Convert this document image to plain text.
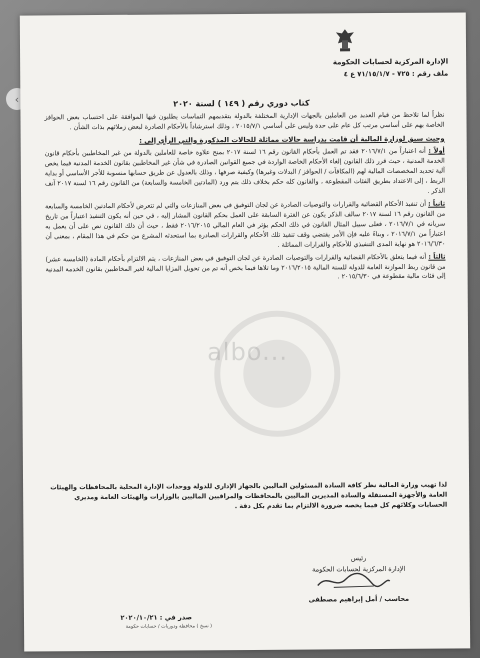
‹
الإدارة المركزية لحسابات الحكومة
ملف رقم : ٧٢٥ - ٧١/١٥/١/٧ ع ٤
كتاب دوري رقم ( ١٤٩ ) لسنة ٢٠٢٠

نظراً لما تلاحظ من قيام العديد من العاملين بالجهات الإدارية المختلفة بالدولة بتقديمهم التماسات يطلبون فيها الموافقة على احتساب بعض الحوافز الخاصة بهم على أساسي مرتب كل عام على حدة وليس على أساسي ٢٠١٥/٧/١ ، وذلك استرشاداً بالأحكام الصادرة لبعض زملائهم بذات الشأن .

وحيث سبق لوزارة المالية أن قامت بدراسة حالات مماثلة للحالات المذكورة والتي الرأي إلى :

أولاً : أنه اعتباراً من ٢٠١٦/٧/١ فقد تم العمل بأحكام القانون رقم ١٦ لسنة ٢٠١٧ بمنح علاوة خاصة للعاملين بالدولة من غير المخاطبين بأحكام قانون الخدمة المدنية ، حيث قرر ذلك القانون إلغاء الأحكام الخاصة الواردة في جميع القوانين الصادرة في شأن غير المخاطبين بقانون الخدمة المدنية فيما يخص آلية تحديد المخصصات المالية لهم (المكافآت / الحوافز / البدلات وغيرها) وكيفية صرفها ، وذلك بالعدول عن طريق حسابها منسوبة للأجر الأساسي أو بداية الربط ، إلى الاعتداد بطريق الفئات المقطوعة ، والقانون كله حكم بخلاف ذلك يتم ورد (المادتين الخامسة والسابعة) من القانون رقم ١٦ لسنة ٢٠١٧ آنف الذكر .

ثانياً : أن تنفيذ الأحكام القضائية والقرارات والتوصيات الصادرة عن لجان التوفيق في بعض المنازعات والتي لم تتعرض لأحكام المادتين الخامسة والسابعة من القانون رقم ١٦ لسنة ٢٠١٧ سالف الذكر يكون عن الفترة السابقة على العمل بحكم القانون المشار إليه ، في حين أنه يكون التنفيذ اعتباراً من تاريخ سريانه في ٢٠١٦/٧/١ ، فعلى سبيل المثال القانون في ذلك الحكم يؤثر في العام المالي ٢٠١٦/٢٠١٥ فقط ، حيث أن ذلك القانون نص على أن يعمل به اعتباراً من ٢٠١٦/٧/١ ، وبناءً عليه فإن الأمر يقتضي وقف تنفيذ تلك الأحكام والقرارات الصادرة بما استحدثه المشرع من حكم في هذا المقام ، بمعنى أن ٢٠١٦/٦/٣٠ هو نهاية المدى التنفيذي للأحكام والقرارات المماثلة .

ثالثاً : أنه فيما يتعلق بالأحكام القضائية والقرارات والتوصيات الصادرة عن لجان التوفيق في بعض المنازعات ، يتم الالتزام بأحكام المادة (الخامسة عشر) من قانون ربط الموازنة العامة للدولة للسنة المالية ٢٠١٦/٢٠١٥ وما تلاها فيما يخص أنه تم من تحويل المزايا المالية لغير المخاطبين بقانون الخدمة المدنية إلى فئات مالية مقطوعة في ٢٠١٥/٦/٣٠ .

لذا تهيب وزارة المالية نظر كافة السادة المسئولين الماليين بالجهاز الإداري للدولة ووحدات الإدارة المحلية بالمحافظات والهيئات العامة والأجهزة المستقلة والسادة المديرين الماليين بالمحافظات والمراقبين الماليين بالوزارات والهيئات العامة ومديري الحسابات وكلائهم كل فيما يخصه ضرورة الالتزام بما تقدم بكل دقة .
رئيس
الإدارة المركزية لحسابات الحكومة
محاسب / أمل إبراهيم مصطفى
صدر في : ٢٠٢٠/١٠/٢١
( نسخ ) محافظة ودوريات / حسابات حكومة
albo...
